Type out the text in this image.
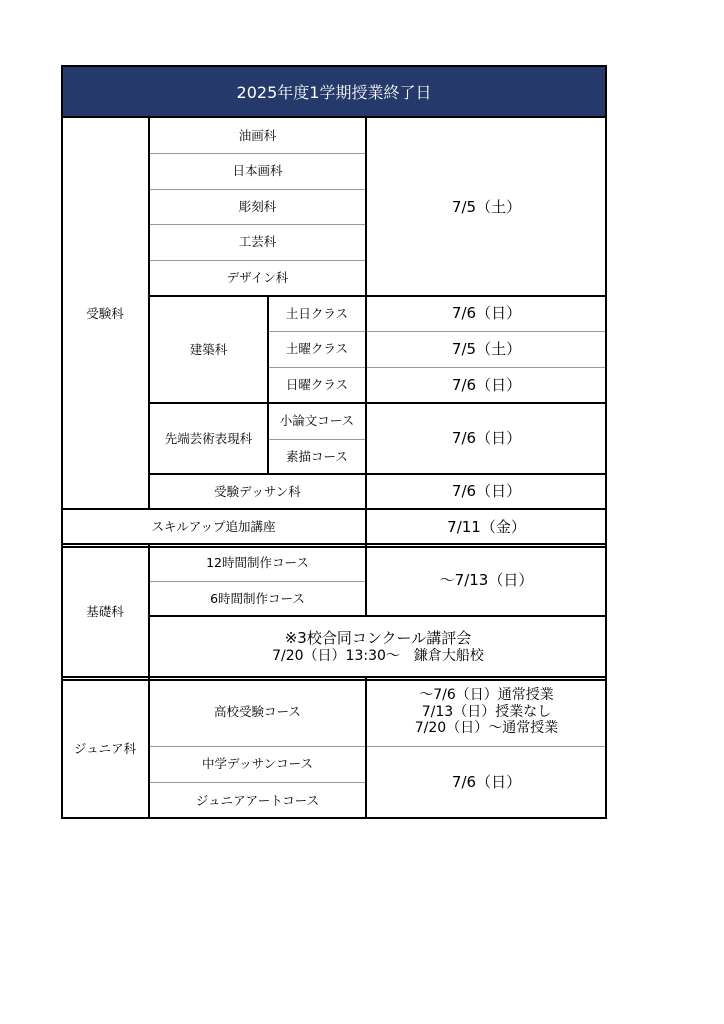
2025年度1学期授業終了日
受験科
油画科
日本画科
彫刻科
工芸科
デザイン科
7/5（土）
建築科
土日クラス
土曜クラス
日曜クラス
7/6（日）
7/5（土）
7/6（日）
先端芸術表現科
小論文コース
素描コース
7/6（日）
受験デッサン科	7/6（日）
スキルアップ追加講座	7/11（金）
基礎科
12時間制作コース
6時間制作コース
～7/13（日）
※3校合同コンクール講評会
7/20（日）13:30～　鎌倉大船校
ジュニア科
高校受験コース
～7/6（日）通常授業
7/13（日）授業なし
7/20（日）～通常授業
中学デッサンコース
ジュニアアートコース
7/6（日）
